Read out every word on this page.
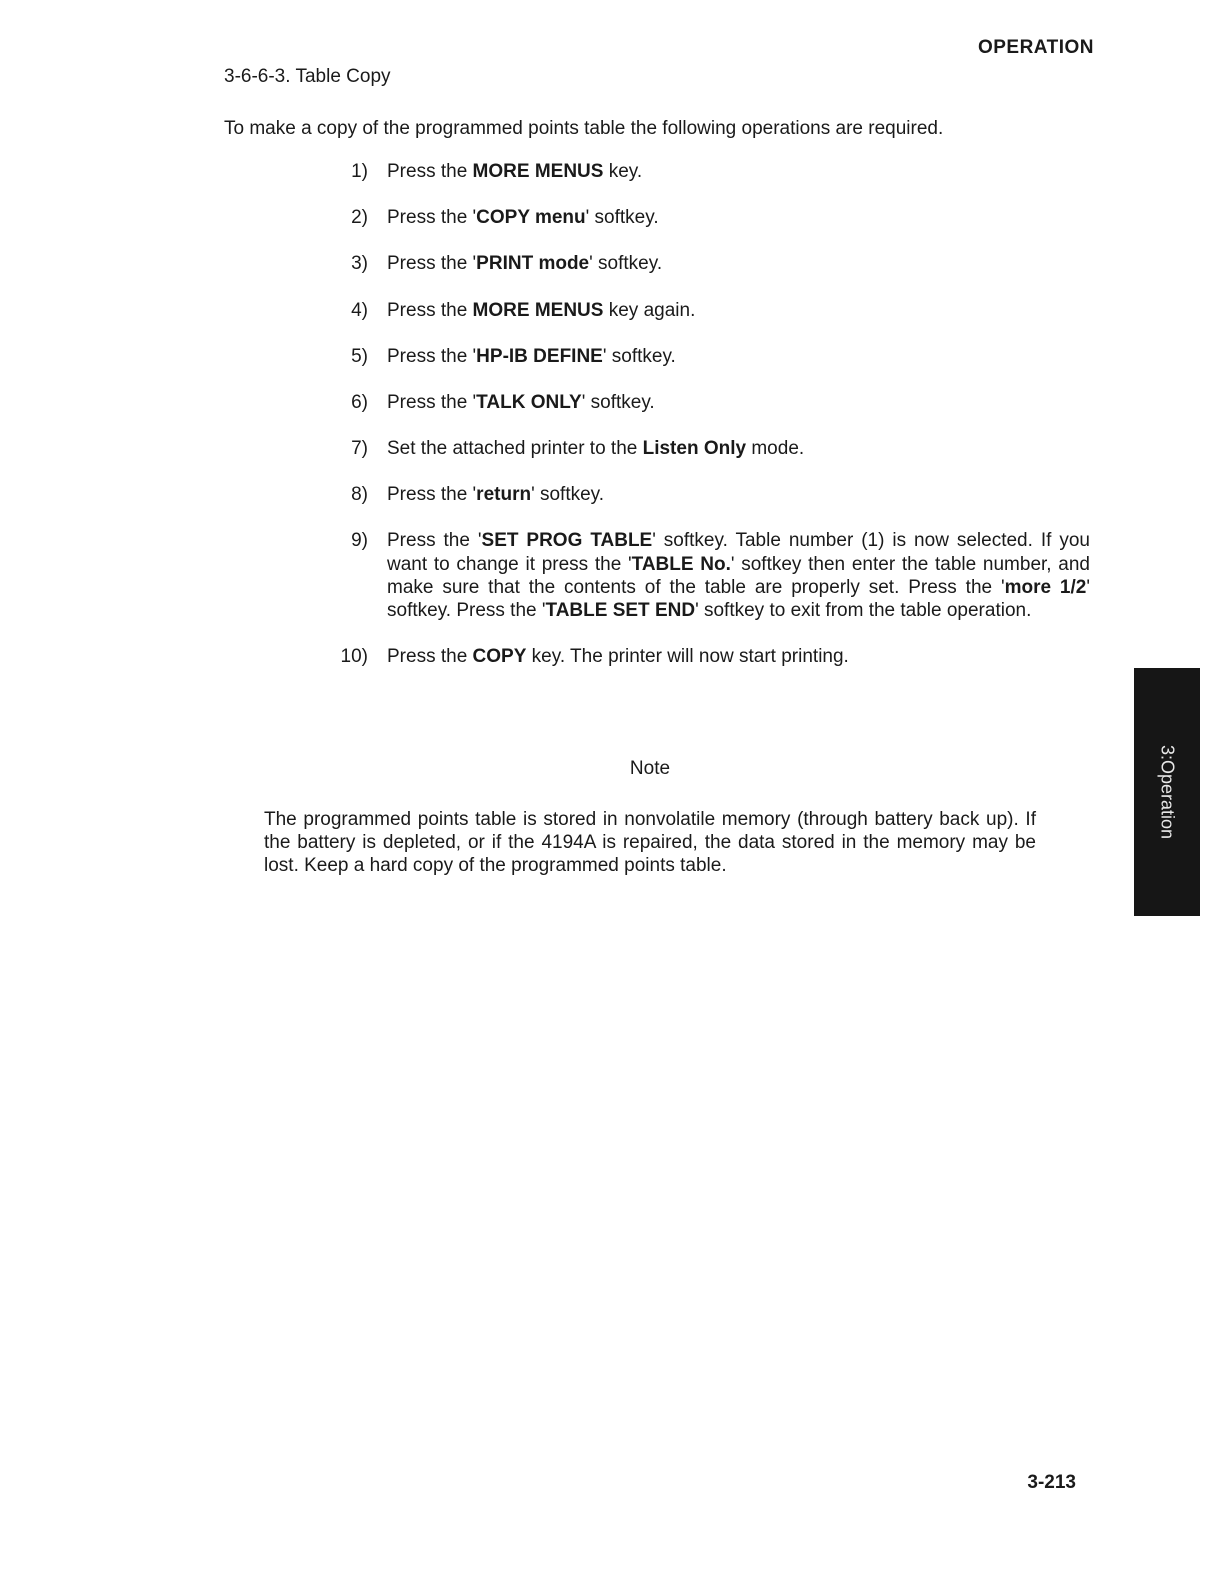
OPERATION
3-6-6-3. Table Copy
To make a copy of the programmed points table the following operations are required.
1) Press the MORE MENUS key.
2) Press the 'COPY menu' softkey.
3) Press the 'PRINT mode' softkey.
4) Press the MORE MENUS key again.
5) Press the 'HP-IB DEFINE' softkey.
6) Press the 'TALK ONLY' softkey.
7) Set the attached printer to the Listen Only mode.
8) Press the 'return' softkey.
9) Press the 'SET PROG TABLE' softkey. Table number (1) is now selected. If you want to change it press the 'TABLE No.' softkey then enter the table number, and make sure that the contents of the table are properly set. Press the 'more 1/2' softkey. Press the 'TABLE SET END' softkey to exit from the table operation.
10) Press the COPY key. The printer will now start printing.
Note
The programmed points table is stored in nonvolatile memory (through battery back up). If the battery is depleted, or if the 4194A is repaired, the data stored in the memory may be lost. Keep a hard copy of the programmed points table.
3:Operation
3-213
